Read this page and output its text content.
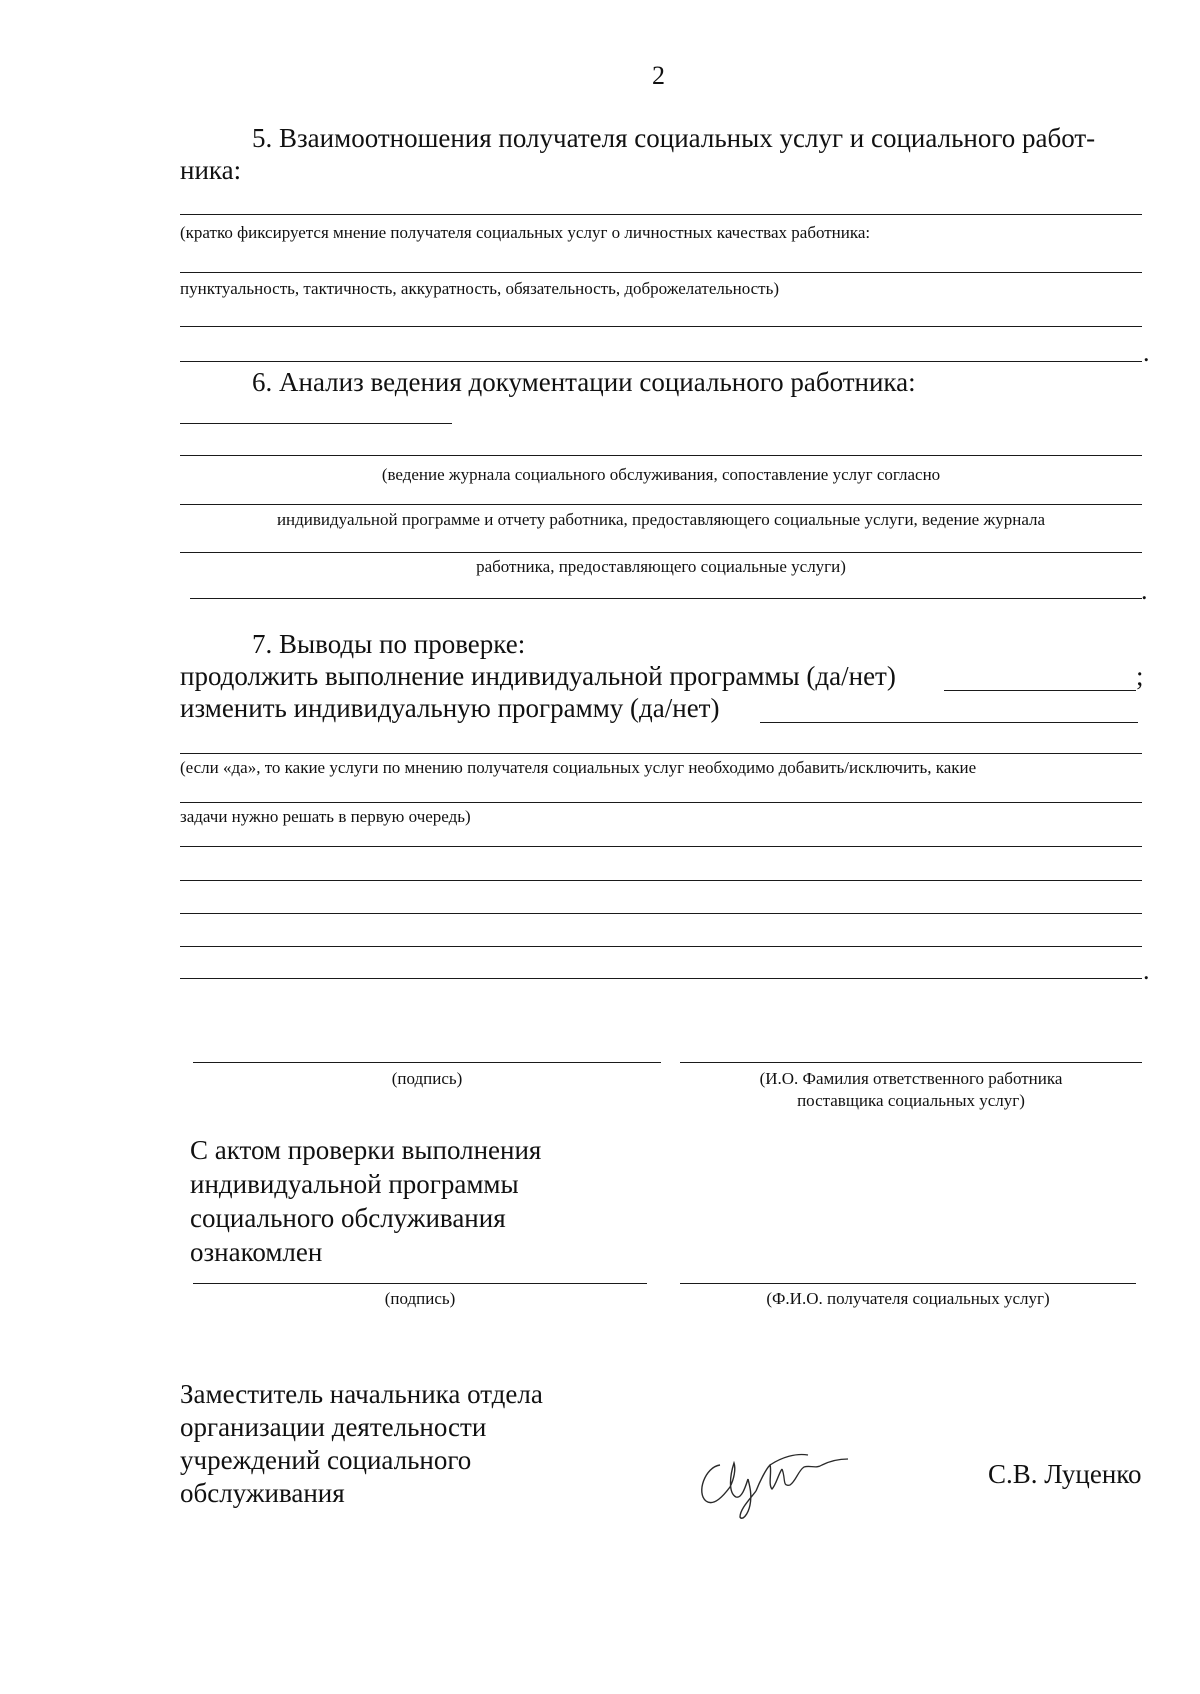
2
5. Взаимоотношения получателя социальных услуг и социального работ-
ника:
(кратко фиксируется мнение получателя социальных услуг о личностных качествах работника:
пунктуальность, тактичность, аккуратность, обязательность, доброжелательность)
.
6. Анализ ведения документации социального работника:
(ведение журнала социального обслуживания, сопоставление услуг согласно
индивидуальной программе и отчету работника, предоставляющего социальные услуги, ведение журнала
работника, предоставляющего социальные услуги)
.
7. Выводы по проверке:
продолжить выполнение индивидуальной программы (да/нет)	;
изменить индивидуальную программу (да/нет)
(если «да», то какие услуги по мнению получателя социальных услуг необходимо добавить/исключить, какие
задачи нужно решать в первую очередь)
.
(подпись)	(И.О. Фамилия ответственного работника
поставщика социальных услуг)
С актом проверки выполнения
индивидуальной программы
социального обслуживания
ознакомлен
(подпись)	(Ф.И.О. получателя социальных услуг)
Заместитель начальника отдела
организации деятельности
учреждений социального
обслуживания
С.В. Луценко
